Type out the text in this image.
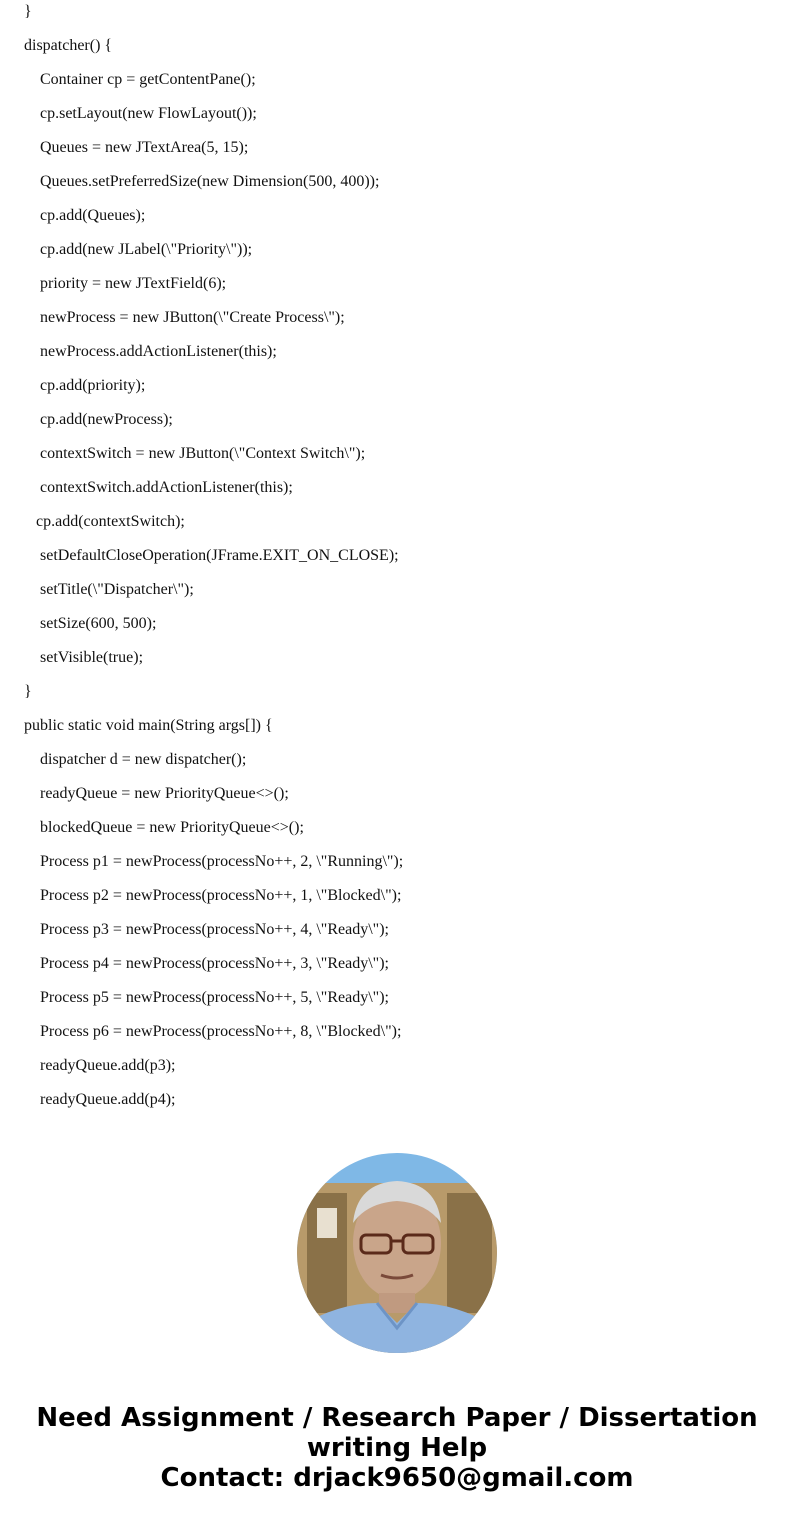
}
dispatcher() {
Container cp = getContentPane();
cp.setLayout(new FlowLayout());
Queues = new JTextArea(5, 15);
Queues.setPreferredSize(new Dimension(500, 400));
cp.add(Queues);
cp.add(new JLabel(\"Priority\"));
priority = new JTextField(6);
newProcess = new JButton(\"Create Process\");
newProcess.addActionListener(this);
cp.add(priority);
cp.add(newProcess);
contextSwitch = new JButton(\"Context Switch\");
contextSwitch.addActionListener(this);
cp.add(contextSwitch);
setDefaultCloseOperation(JFrame.EXIT_ON_CLOSE);
setTitle(\"Dispatcher\");
setSize(600, 500);
setVisible(true);
}
public static void main(String args[]) {
dispatcher d = new dispatcher();
readyQueue = new PriorityQueue<>();
blockedQueue = new PriorityQueue<>();
Process p1 = newProcess(processNo++, 2, \"Running\");
Process p2 = newProcess(processNo++, 1, \"Blocked\");
Process p3 = newProcess(processNo++, 4, \"Ready\");
Process p4 = newProcess(processNo++, 3, \"Ready\");
Process p5 = newProcess(processNo++, 5, \"Ready\");
Process p6 = newProcess(processNo++, 8, \"Blocked\");
readyQueue.add(p3);
readyQueue.add(p4);
Need Assignment / Research Paper / Dissertation
writing Help
Contact: drjack9650@gmail.com
